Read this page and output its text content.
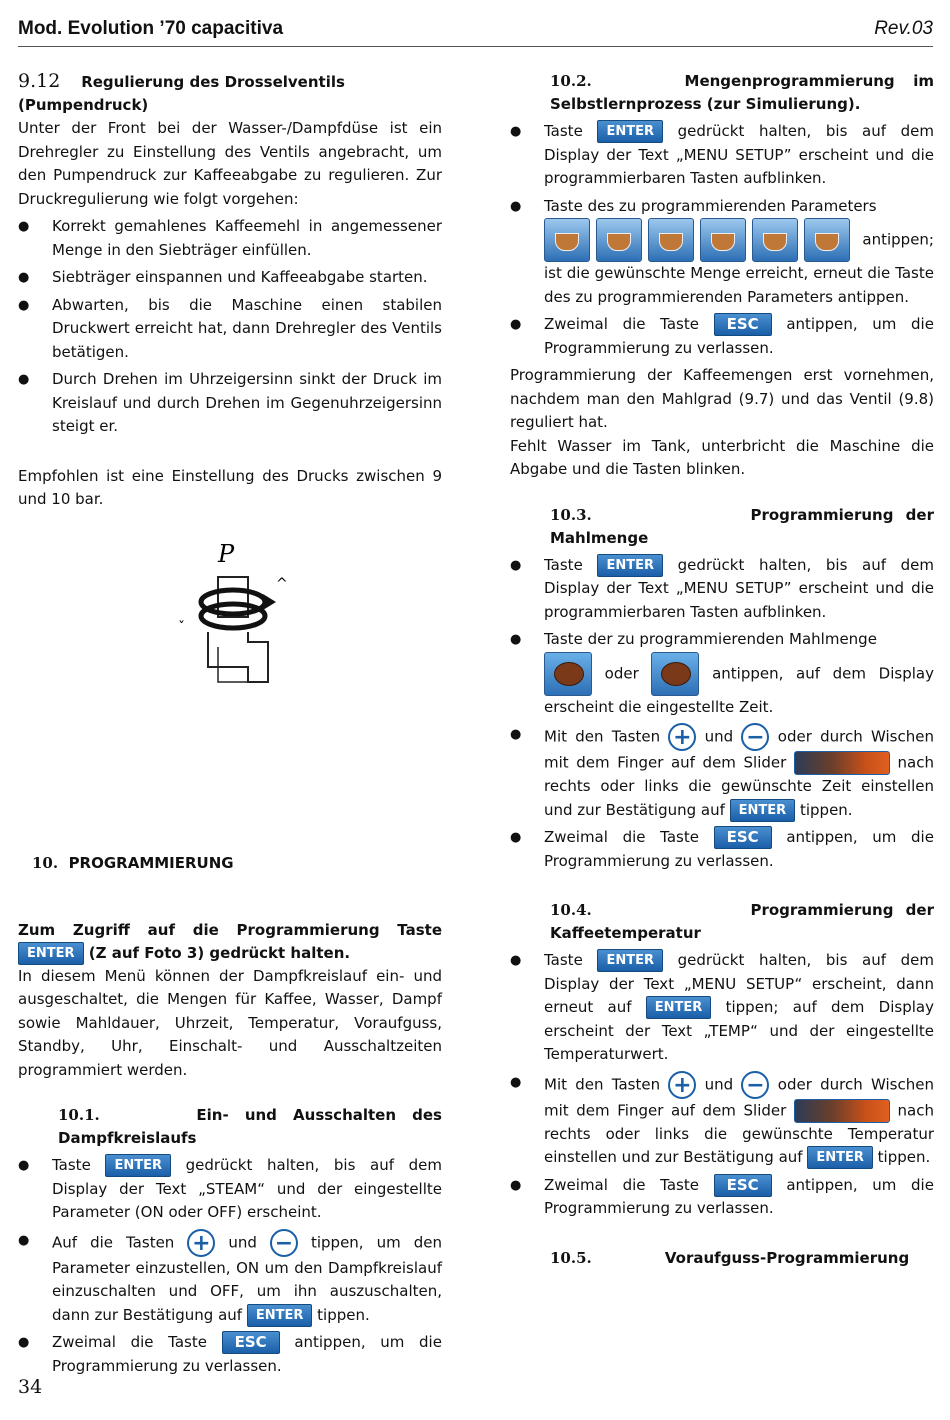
Mod. Evolution ’70 capacitiva	Rev.03

9.12 Regulierung des Drosselventils (Pumpendruck)

Unter der Front bei der Wasser-/Dampfdüse ist ein Drehregler zu Einstellung des Ventils angebracht, um den Pumpendruck zur Kaffeeabgabe zu regulieren. Zur Druckregulierung wie folgt vorgehen:

● Korrekt gemahlenes Kaffeemehl in angemessener Menge in den Siebträger einfüllen.
● Siebträger einspannen und Kaffeeabgabe starten.
● Abwarten, bis die Maschine einen stabilen Druckwert erreicht hat, dann Drehregler des Ventils betätigen.
● Durch Drehen im Uhrzeigersinn sinkt der Druck im Kreislauf und durch Drehen im Gegenuhrzeigersinn steigt er.

Empfohlen ist eine Einstellung des Drucks zwischen 9 und 10 bar.

P
^
ˇ

10. PROGRAMMIERUNG

Zum Zugriff auf die Programmierung Taste ENTER (Z auf Foto 3) gedrückt halten.

In diesem Menü können der Dampfkreislauf ein- und ausgeschaltet, die Mengen für Kaffee, Wasser, Dampf sowie Mahldauer, Uhrzeit, Temperatur, Voraufguss, Standby, Uhr, Einschalt- und Ausschaltzeiten programmiert werden.

10.1.	Ein- und Ausschalten des Dampfkreislaufs

● Taste ENTER gedrückt halten, bis auf dem Display der Text „STEAM“ und der eingestellte Parameter (ON oder OFF) erscheint.
● Auf die Tasten + und − tippen, um den Parameter einzustellen, ON um den Dampfkreislauf einzuschalten und OFF, um ihn auszuschalten, dann zur Bestätigung auf ENTER tippen.
● Zweimal die Taste ESC antippen, um die Programmierung zu verlassen.

10.2.	Mengenprogrammierung im Selbstlernprozess (zur Simulierung).

● Taste ENTER gedrückt halten, bis auf dem Display der Text „MENU SETUP” erscheint und die programmierbaren Tasten aufblinken.
● Taste des zu programmierenden Parameters
antippen; ist die gewünschte Menge erreicht, erneut die Taste des zu programmierenden Parameters antippen.
● Zweimal die Taste ESC antippen, um die Programmierung zu verlassen.

Programmierung der Kaffeemengen erst vornehmen, nachdem man den Mahlgrad (9.7) und das Ventil (9.8) reguliert hat.

Fehlt Wasser im Tank, unterbricht die Maschine die Abgabe und die Tasten blinken.

10.3.	Programmierung der Mahlmenge

● Taste ENTER gedrückt halten, bis auf dem Display der Text „MENU SETUP” erscheint und die programmierbaren Tasten aufblinken.
● Taste der zu programmierenden Mahlmenge
oder	antippen, auf dem Display erscheint die eingestellte Zeit.
● Mit den Tasten + und − oder durch Wischen mit dem Finger auf dem Slider	nach rechts oder links die gewünschte Zeit einstellen und zur Bestätigung auf ENTER tippen.
● Zweimal die Taste ESC antippen, um die Programmierung zu verlassen.

10.4.	Programmierung der Kaffeetemperatur

● Taste ENTER gedrückt halten, bis auf dem Display der Text „MENU SETUP“ erscheint, dann erneut auf ENTER tippen; auf dem Display erscheint der Text „TEMP“ und der eingestellte Temperaturwert.
● Mit den Tasten + und − oder durch Wischen mit dem Finger auf dem Slider	nach rechts oder links die gewünschte Temperatur einstellen und zur Bestätigung auf ENTER tippen.
● Zweimal die Taste ESC antippen, um die Programmierung zu verlassen.

10.5.	Voraufguss-Programmierung

34
